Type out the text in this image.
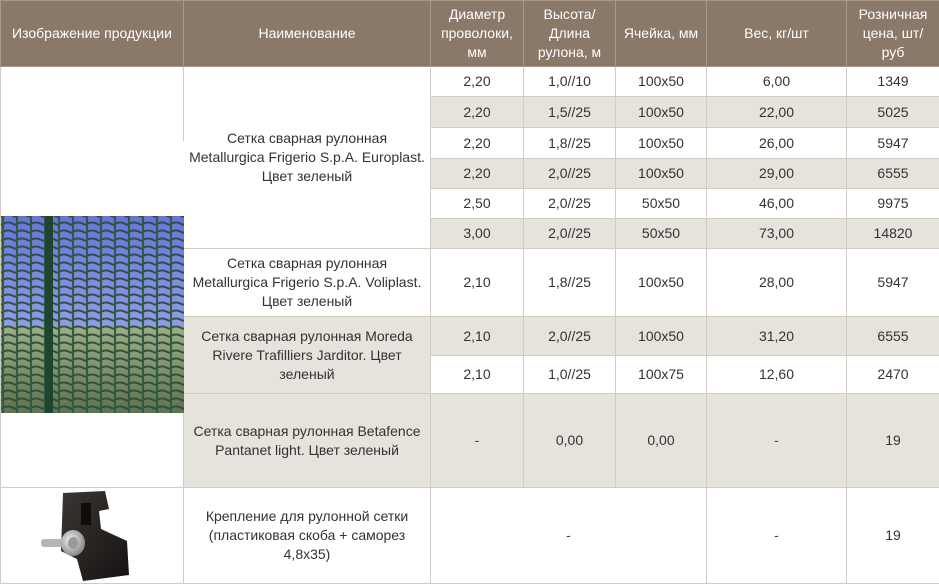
Изображение продукции	Наименование	Диаметр проволоки, мм	Высота/ Длина рулона, м	Ячейка, мм	Вес, кг/шт	Розничная цена, шт/ руб

	Сетка сварная рулонная Metallurgica Frigerio S.p.A. Europlast. Цвет зеленый	2,20	1,0//10	100х50	6,00	1349
		2,20	1,5//25	100х50	22,00	5025
		2,20	1,8//25	100х50	26,00	5947
		2,20	2,0//25	100х50	29,00	6555
		2,50	2,0//25	50х50	46,00	9975
		3,00	2,0//25	50х50	73,00	14820
	Сетка сварная рулонная Metallurgica Frigerio S.p.A. Voliplast. Цвет зеленый	2,10	1,8//25	100х50	28,00	5947
	Сетка сварная рулонная Moreda Rivere Trafilliers Jarditor. Цвет зеленый	2,10	2,0//25	100х50	31,20	6555
		2,10	1,0//25	100х75	12,60	2470
	Сетка сварная рулонная Betafence Pantanet light. Цвет зеленый	-	0,00	0,00	-	19

	Крепление для рулонной сетки (пластиковая скоба + саморез 4,8х35)	-			-	19
